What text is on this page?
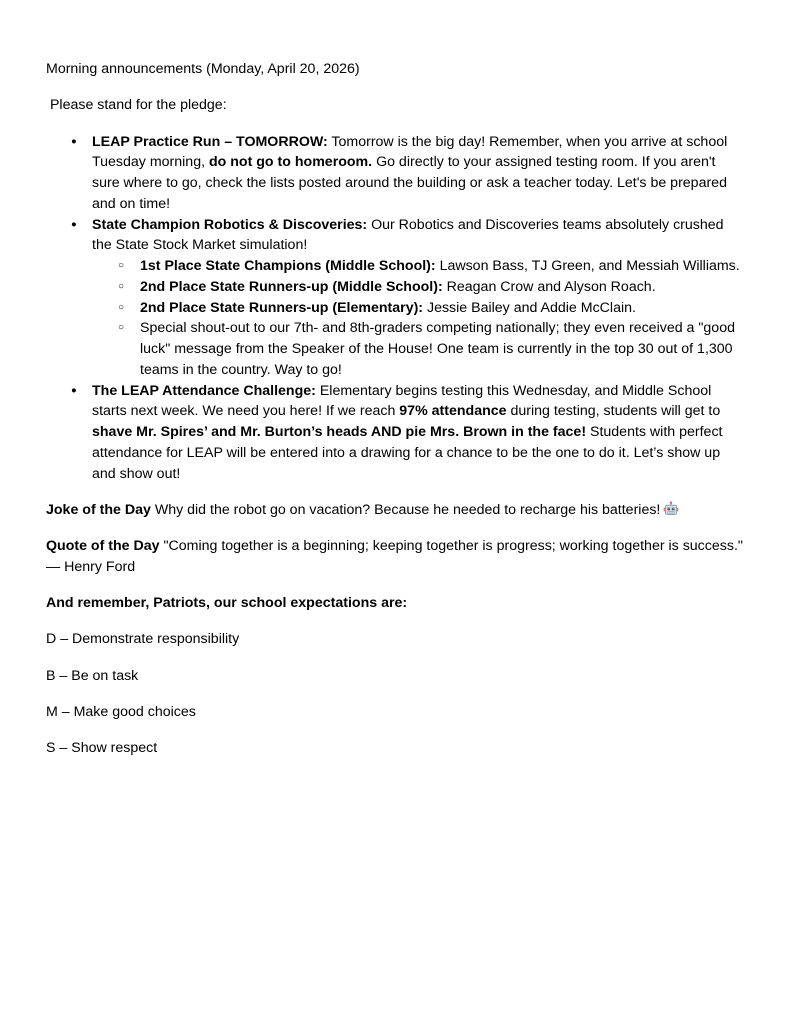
Morning announcements (Monday, April 20, 2026)

Please stand for the pledge:

● LEAP Practice Run – TOMORROW: Tomorrow is the big day! Remember, when you arrive at school Tuesday morning, do not go to homeroom. Go directly to your assigned testing room. If you aren't sure where to go, check the lists posted around the building or ask a teacher today. Let's be prepared and on time!
● State Champion Robotics & Discoveries: Our Robotics and Discoveries teams absolutely crushed the State Stock Market simulation!
○ 1st Place State Champions (Middle School): Lawson Bass, TJ Green, and Messiah Williams.
○ 2nd Place State Runners-up (Middle School): Reagan Crow and Alyson Roach.
○ 2nd Place State Runners-up (Elementary): Jessie Bailey and Addie McClain.
○ Special shout-out to our 7th- and 8th-graders competing nationally; they even received a "good luck" message from the Speaker of the House! One team is currently in the top 30 out of 1,300 teams in the country. Way to go!
● The LEAP Attendance Challenge: Elementary begins testing this Wednesday, and Middle School starts next week. We need you here! If we reach 97% attendance during testing, students will get to shave Mr. Spires’ and Mr. Burton’s heads AND pie Mrs. Brown in the face! Students with perfect attendance for LEAP will be entered into a drawing for a chance to be the one to do it. Let’s show up and show out!

Joke of the Day Why did the robot go on vacation? Because he needed to recharge his batteries!

Quote of the Day "Coming together is a beginning; keeping together is progress; working together is success." — Henry Ford

And remember, Patriots, our school expectations are:

D – Demonstrate responsibility

B – Be on task

M – Make good choices

S – Show respect
